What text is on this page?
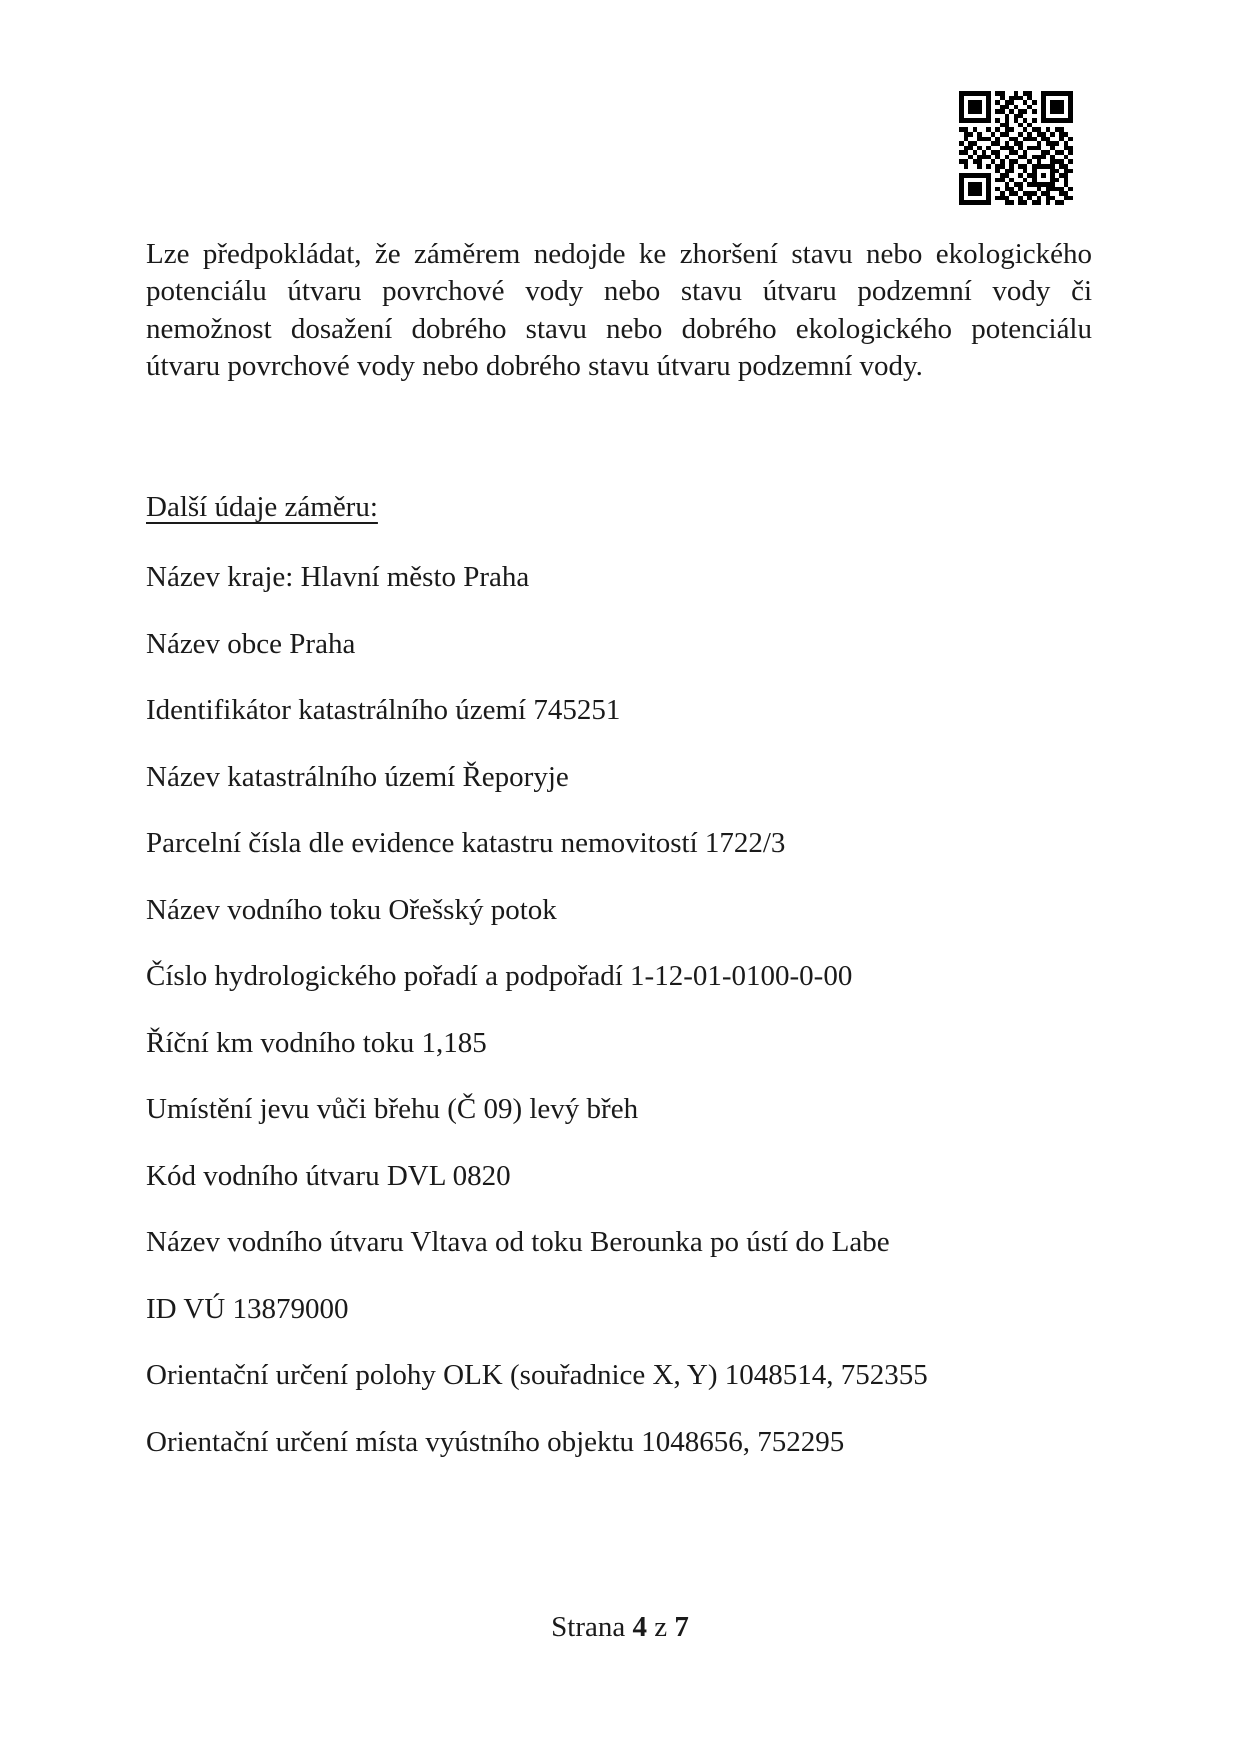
Lze předpokládat, že záměrem nedojde ke zhoršení stavu nebo ekologického
potenciálu útvaru povrchové vody nebo stavu útvaru podzemní vody či
nemožnost dosažení dobrého stavu nebo dobrého ekologického potenciálu
útvaru povrchové vody nebo dobrého stavu útvaru podzemní vody.
Další údaje záměru:
Název kraje: Hlavní město Praha
Název obce Praha
Identifikátor katastrálního území 745251
Název katastrálního území Řeporyje
Parcelní čísla dle evidence katastru nemovitostí 1722/3
Název vodního toku Ořešský potok
Číslo hydrologického pořadí a podpořadí 1-12-01-0100-0-00
Říční km vodního toku 1,185
Umístění jevu vůči břehu (Č 09) levý břeh
Kód vodního útvaru DVL 0820
Název vodního útvaru Vltava od toku Berounka po ústí do Labe
ID VÚ 13879000
Orientační určení polohy OLK (souřadnice X, Y) 1048514, 752355
Orientační určení místa vyústního objektu 1048656, 752295
Strana 4 z 7
